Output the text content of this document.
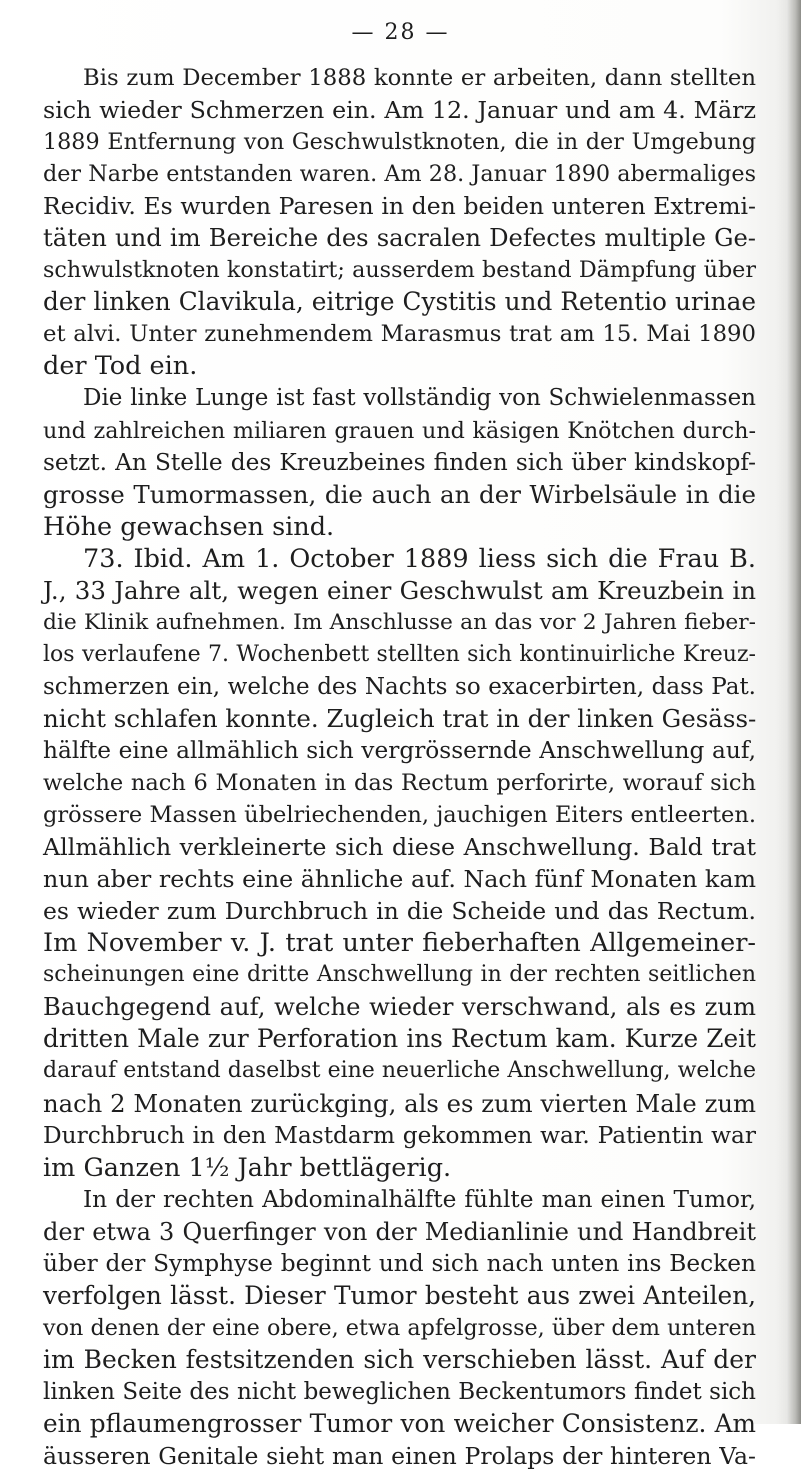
— 28 —
Bis zum December 1888 konnte er arbeiten, dann stellten
sich wieder Schmerzen ein. Am 12. Januar und am 4. März
1889 Entfernung von Geschwulstknoten, die in der Umgebung
der Narbe entstanden waren. Am 28. Januar 1890 abermaliges
Recidiv. Es wurden Paresen in den beiden unteren Extremi-
täten und im Bereiche des sacralen Defectes multiple Ge-
schwulstknoten konstatirt; ausserdem bestand Dämpfung über
der linken Clavikula, eitrige Cystitis und Retentio urinae
et alvi. Unter zunehmendem Marasmus trat am 15. Mai 1890
der Tod ein.
Die linke Lunge ist fast vollständig von Schwielenmassen
und zahlreichen miliaren grauen und käsigen Knötchen durch-
setzt. An Stelle des Kreuzbeines finden sich über kindskopf-
grosse Tumormassen, die auch an der Wirbelsäule in die
Höhe gewachsen sind.
73. Ibid. Am 1. October 1889 liess sich die Frau B.
J., 33 Jahre alt, wegen einer Geschwulst am Kreuzbein in
die Klinik aufnehmen. Im Anschlusse an das vor 2 Jahren fieber-
los verlaufene 7. Wochenbett stellten sich kontinuirliche Kreuz-
schmerzen ein, welche des Nachts so exacerbirten, dass Pat.
nicht schlafen konnte. Zugleich trat in der linken Gesäss-
hälfte eine allmählich sich vergrössernde Anschwellung auf,
welche nach 6 Monaten in das Rectum perforirte, worauf sich
grössere Massen übelriechenden, jauchigen Eiters entleerten.
Allmählich verkleinerte sich diese Anschwellung. Bald trat
nun aber rechts eine ähnliche auf. Nach fünf Monaten kam
es wieder zum Durchbruch in die Scheide und das Rectum.
Im November v. J. trat unter fieberhaften Allgemeiner-
scheinungen eine dritte Anschwellung in der rechten seitlichen
Bauchgegend auf, welche wieder verschwand, als es zum
dritten Male zur Perforation ins Rectum kam. Kurze Zeit
darauf entstand daselbst eine neuerliche Anschwellung, welche
nach 2 Monaten zurückging, als es zum vierten Male zum
Durchbruch in den Mastdarm gekommen war. Patientin war
im Ganzen 1½ Jahr bettlägerig.
In der rechten Abdominalhälfte fühlte man einen Tumor,
der etwa 3 Querfinger von der Medianlinie und Handbreit
über der Symphyse beginnt und sich nach unten ins Becken
verfolgen lässt. Dieser Tumor besteht aus zwei Anteilen,
von denen der eine obere, etwa apfelgrosse, über dem unteren
im Becken festsitzenden sich verschieben lässt. Auf der
linken Seite des nicht beweglichen Beckentumors findet sich
ein pflaumengrosser Tumor von weicher Consistenz. Am
äusseren Genitale sieht man einen Prolaps der hinteren Va-
